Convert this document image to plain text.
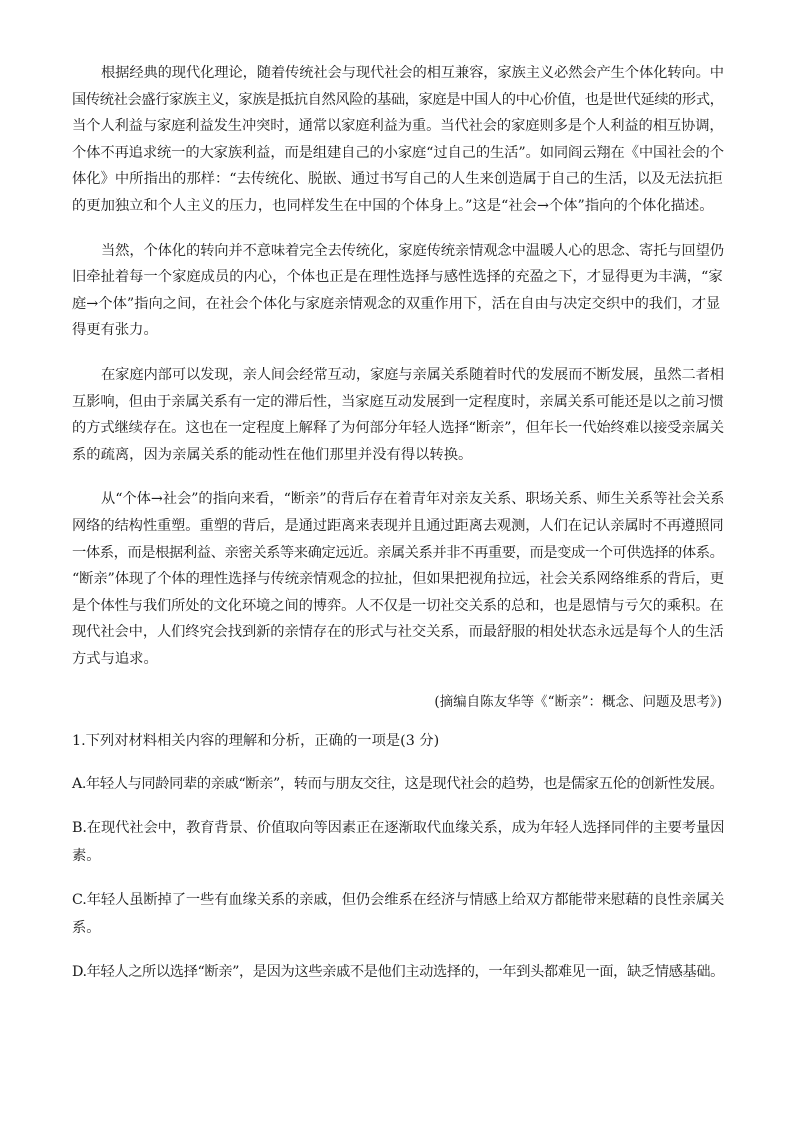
根据经典的现代化理论，随着传统社会与现代社会的相互兼容，家族主义必然会产生个体化转向。中

国传统社会盛行家族主义，家族是抵抗自然风险的基础，家庭是中国人的中心价值，也是世代延续的形式，

当个人利益与家庭利益发生冲突时，通常以家庭利益为重。当代社会的家庭则多是个人利益的相互协调，

个体不再追求统一的大家族利益，而是组建自己的小家庭“过自己的生活”。如同阎云翔在《中国社会的个

体化》中所指出的那样：“去传统化、脱嵌、通过书写自己的人生来创造属于自己的生活，以及无法抗拒

的更加独立和个人主义的压力，也同样发生在中国的个体身上。”这是“社会→个体”指向的个体化描述。

当然，个体化的转向并不意味着完全去传统化，家庭传统亲情观念中温暖人心的思念、寄托与回望仍

旧牵扯着每一个家庭成员的内心，个体也正是在理性选择与感性选择的充盈之下，才显得更为丰满，“家

庭→个体”指向之间，在社会个体化与家庭亲情观念的双重作用下，活在自由与决定交织中的我们，才显

得更有张力。

在家庭内部可以发现，亲人间会经常互动，家庭与亲属关系随着时代的发展而不断发展，虽然二者相

互影响，但由于亲属关系有一定的滞后性，当家庭互动发展到一定程度时，亲属关系可能还是以之前习惯

的方式继续存在。这也在一定程度上解释了为何部分年轻人选择“断亲”，但年长一代始终难以接受亲属关

系的疏离，因为亲属关系的能动性在他们那里并没有得以转换。

从“个体→社会”的指向来看，“断亲”的背后存在着青年对亲友关系、职场关系、师生关系等社会关系

网络的结构性重塑。重塑的背后，是通过距离来表现并且通过距离去观测，人们在记认亲属时不再遵照同

一体系，而是根据利益、亲密关系等来确定远近。亲属关系并非不再重要，而是变成一个可供选择的体系。

“断亲”体现了个体的理性选择与传统亲情观念的拉扯，但如果把视角拉远，社会关系网络维系的背后，更

是个体性与我们所处的文化环境之间的博弈。人不仅是一切社交关系的总和，也是恩情与亏欠的乘积。在

现代社会中，人们终究会找到新的亲情存在的形式与社交关系，而最舒服的相处状态永远是每个人的生活

方式与追求。

(摘编自陈友华等《“断亲”：概念、问题及思考》)
1.下列对材料相关内容的理解和分析，正确的一项是(3 分)

A.年轻人与同龄同辈的亲戚“断亲”，转而与朋友交往，这是现代社会的趋势，也是儒家五伦的创新性发展。

B.在现代社会中，教育背景、价值取向等因素正在逐渐取代血缘关系，成为年轻人选择同伴的主要考量因

素。

C.年轻人虽断掉了一些有血缘关系的亲戚，但仍会维系在经济与情感上给双方都能带来慰藉的良性亲属关

系。

D.年轻人之所以选择“断亲”，是因为这些亲戚不是他们主动选择的，一年到头都难见一面，缺乏情感基础。
